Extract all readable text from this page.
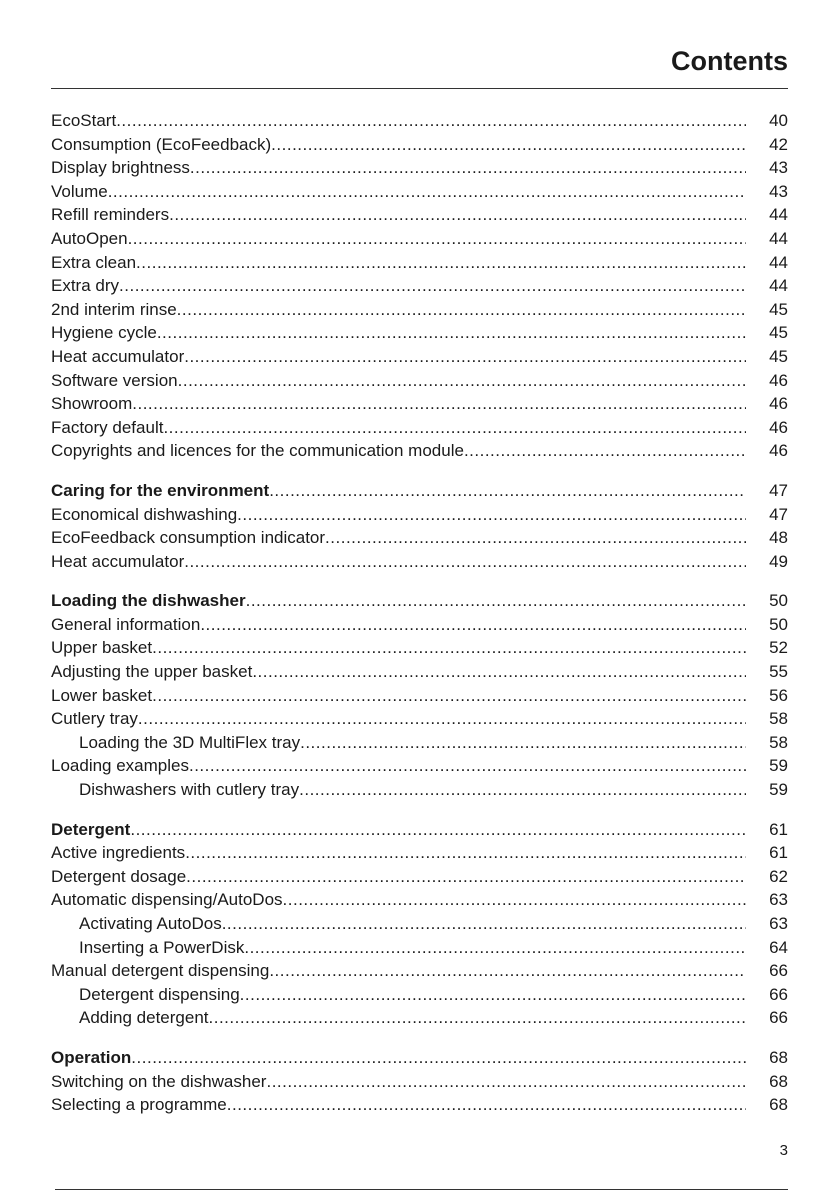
Contents
EcoStart .....	40
Consumption (EcoFeedback) .....	42
Display brightness .....	43
Volume .....	43
Refill reminders .....	44
AutoOpen .....	44
Extra clean .....	44
Extra dry .....	44
2nd interim rinse .....	45
Hygiene cycle .....	45
Heat accumulator .....	45
Software version .....	46
Showroom .....	46
Factory default .....	46
Copyrights and licences for the communication module .....	46
Caring for the environment .....	47
Economical dishwashing .....	47
EcoFeedback consumption indicator .....	48
Heat accumulator .....	49
Loading the dishwasher .....	50
General information .....	50
Upper basket .....	52
Adjusting the upper basket .....	55
Lower basket .....	56
Cutlery tray .....	58
Loading the 3D MultiFlex tray .....	58
Loading examples .....	59
Dishwashers with cutlery tray .....	59
Detergent .....	61
Active ingredients .....	61
Detergent dosage .....	62
Automatic dispensing/AutoDos .....	63
Activating AutoDos .....	63
Inserting a PowerDisk .....	64
Manual detergent dispensing .....	66
Detergent dispensing .....	66
Adding detergent .....	66
Operation .....	68
Switching on the dishwasher .....	68
Selecting a programme .....	68
3
